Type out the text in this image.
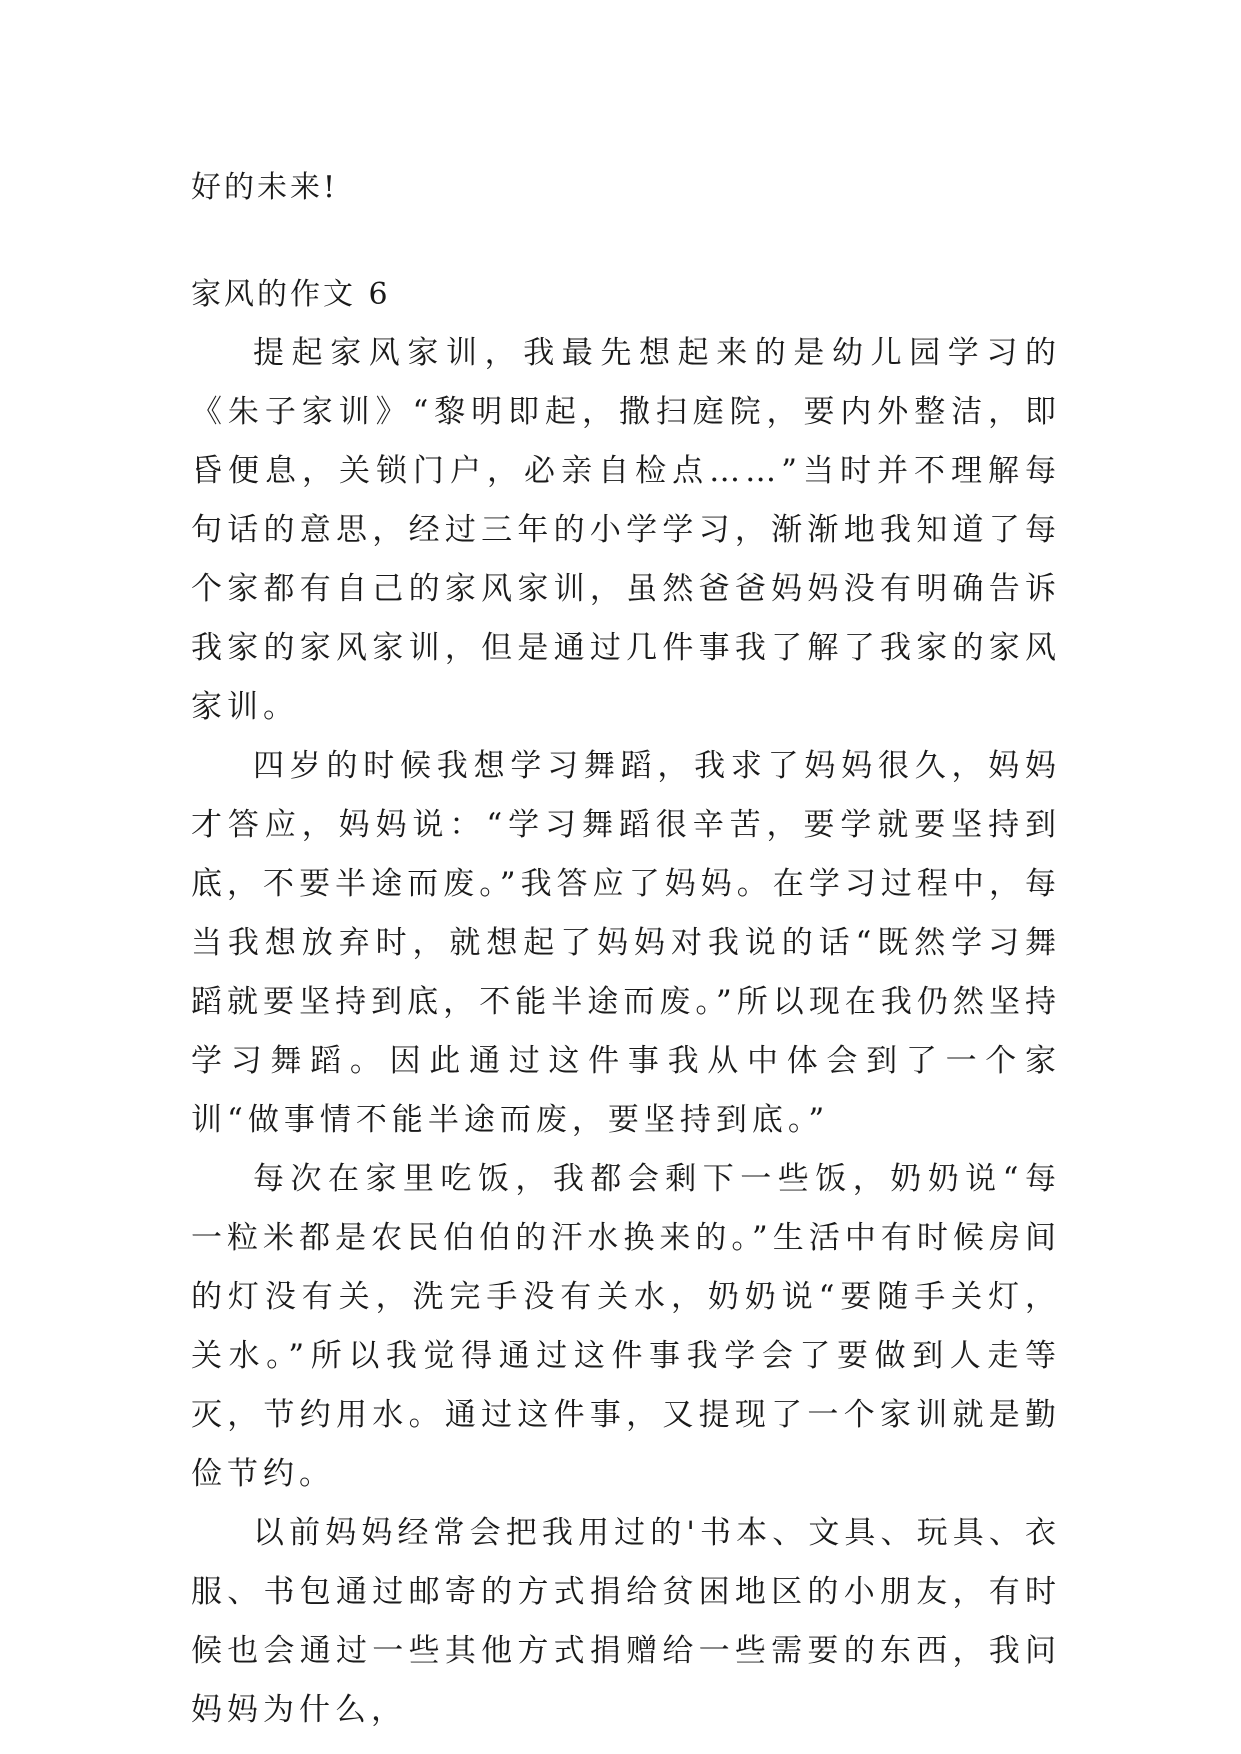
好的未来!

家风的作文 6

提起家风家训，我最先想起来的是幼儿园学习的《朱子家训》“黎明即起，撒扫庭院，要内外整洁，即昏便息，关锁门户，必亲自检点……”当时并不理解每句话的意思，经过三年的小学学习，渐渐地我知道了每个家都有自己的家风家训，虽然爸爸妈妈没有明确告诉我家的家风家训，但是通过几件事我了解了我家的家风家训。

四岁的时候我想学习舞蹈，我求了妈妈很久，妈妈才答应，妈妈说：“学习舞蹈很辛苦，要学就要坚持到底，不要半途而废。”我答应了妈妈。在学习过程中，每当我想放弃时，就想起了妈妈对我说的话“既然学习舞蹈就要坚持到底，不能半途而废。”所以现在我仍然坚持学习舞蹈。因此通过这件事我从中体会到了一个家训“做事情不能半途而废，要坚持到底。”

每次在家里吃饭，我都会剩下一些饭，奶奶说“每一粒米都是农民伯伯的汗水换来的。”生活中有时候房间的灯没有关，洗完手没有关水，奶奶说“要随手关灯，关水。”所以我觉得通过这件事我学会了要做到人走等灭，节约用水。通过这件事，又提现了一个家训就是勤俭节约。

以前妈妈经常会把我用过的'书本、文具、玩具、衣服、书包通过邮寄的方式捐给贫困地区的小朋友，有时候也会通过一些其他方式捐赠给一些需要的东西，我问妈妈为什么，
